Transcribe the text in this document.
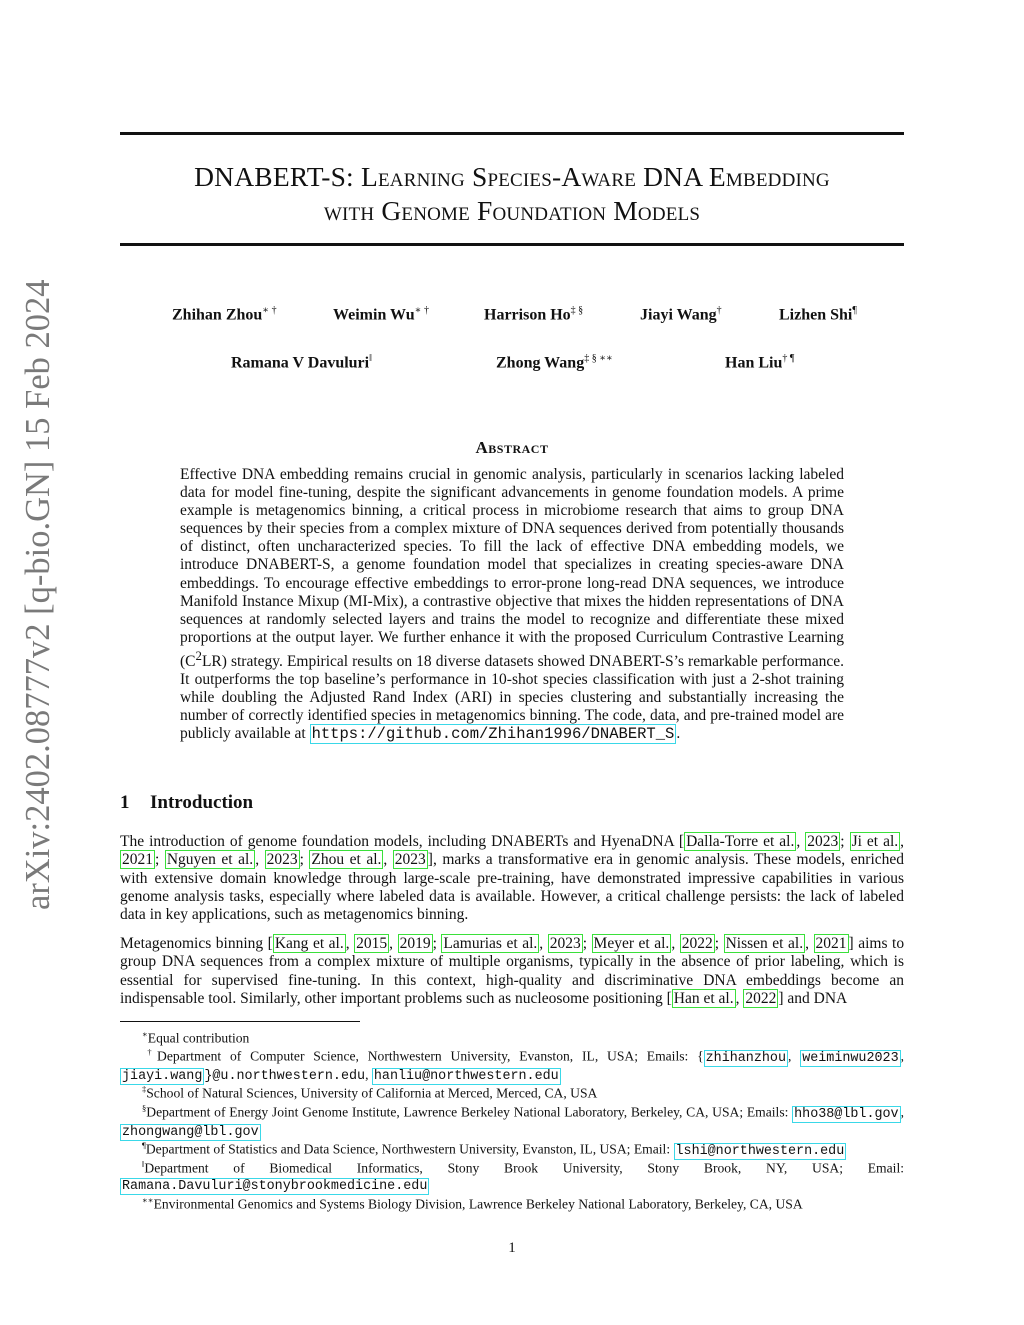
arXiv:2402.08777v2 [q-bio.GN] 15 Feb 2024
DNABERT-S: Learning Species-Aware DNA Embedding
with Genome Foundation Models
Zhihan Zhou∗ †	Weimin Wu∗ †	Harrison Ho‡ §	Jiayi Wang†	Lizhen Shi¶
Ramana V Davuluri‖	Zhong Wang‡ § ∗∗	Han Liu† ¶
Abstract
Effective DNA embedding remains crucial in genomic analysis, particularly in scenarios lacking labeled data for model fine-tuning, despite the significant advancements in genome foundation models. A prime example is metagenomics binning, a critical process in microbiome research that aims to group DNA sequences by their species from a complex mixture of DNA sequences derived from potentially thousands of distinct, often uncharacterized species. To fill the lack of effective DNA embedding models, we introduce DNABERT-S, a genome foundation model that specializes in creating species-aware DNA embeddings. To encourage effective embeddings to error-prone long-read DNA sequences, we introduce Manifold Instance Mixup (MI-Mix), a contrastive objective that mixes the hidden representations of DNA sequences at randomly selected layers and trains the model to recognize and differentiate these mixed proportions at the output layer. We further enhance it with the proposed Curriculum Contrastive Learning $(C^2LR)$ strategy. Empirical results on 18 diverse datasets showed DNABERT-S’s remarkable performance. It outperforms the top baseline’s performance in 10-shot species classification with just a 2-shot training while doubling the Adjusted Rand Index (ARI) in species clustering and substantially increasing the number of correctly identified species in metagenomics binning. The code, data, and pre-trained model are publicly available at https://github.com/Zhihan1996/DNABERT_S .
1 Introduction
The introduction of genome foundation models, including DNABERTs and HyenaDNA [ Dalla-Torre et al. , 2023 ; Ji et al. , 2021 ; Nguyen et al. , 2023 ; Zhou et al. , 2023 ], marks a transformative era in genomic analysis. These models, enriched with extensive domain knowledge through large-scale pre-training, have demonstrated impressive capabilities in various genome analysis tasks, especially where labeled data is available. However, a critical challenge persists: the lack of labeled data in key applications, such as metagenomics binning.
Metagenomics binning [ Kang et al. , 2015 , 2019 ; Lamurias et al. , 2023 ; Meyer et al. , 2022 ; Nissen et al. , 2021 ] aims to group DNA sequences from a complex mixture of multiple organisms, typically in the absence of prior labeling, which is essential for supervised fine-tuning. In this context, high-quality and discriminative DNA embeddings become an indispensable tool. Similarly, other important problems such as nucleosome positioning [ Han et al. , 2022 ] and DNA
∗Equal contribution
†Department of Computer Science, Northwestern University, Evanston, IL, USA; Emails: { zhihanzhou , weiminwu2023 , jiayi.wang }@u.northwestern.edu, hanliu@northwestern.edu
‡School of Natural Sciences, University of California at Merced, Merced, CA, USA
§Department of Energy Joint Genome Institute, Lawrence Berkeley National Laboratory, Berkeley, CA, USA; Emails: hho38@lbl.gov , zhongwang@lbl.gov
¶Department of Statistics and Data Science, Northwestern University, Evanston, IL, USA; Email: lshi@northwestern.edu
‖Department of Biomedical Informatics, Stony Brook University, Stony Brook, NY, USA; Email: Ramana.Davuluri@stonybrookmedicine.edu
∗∗Environmental Genomics and Systems Biology Division, Lawrence Berkeley National Laboratory, Berkeley, CA, USA
1
